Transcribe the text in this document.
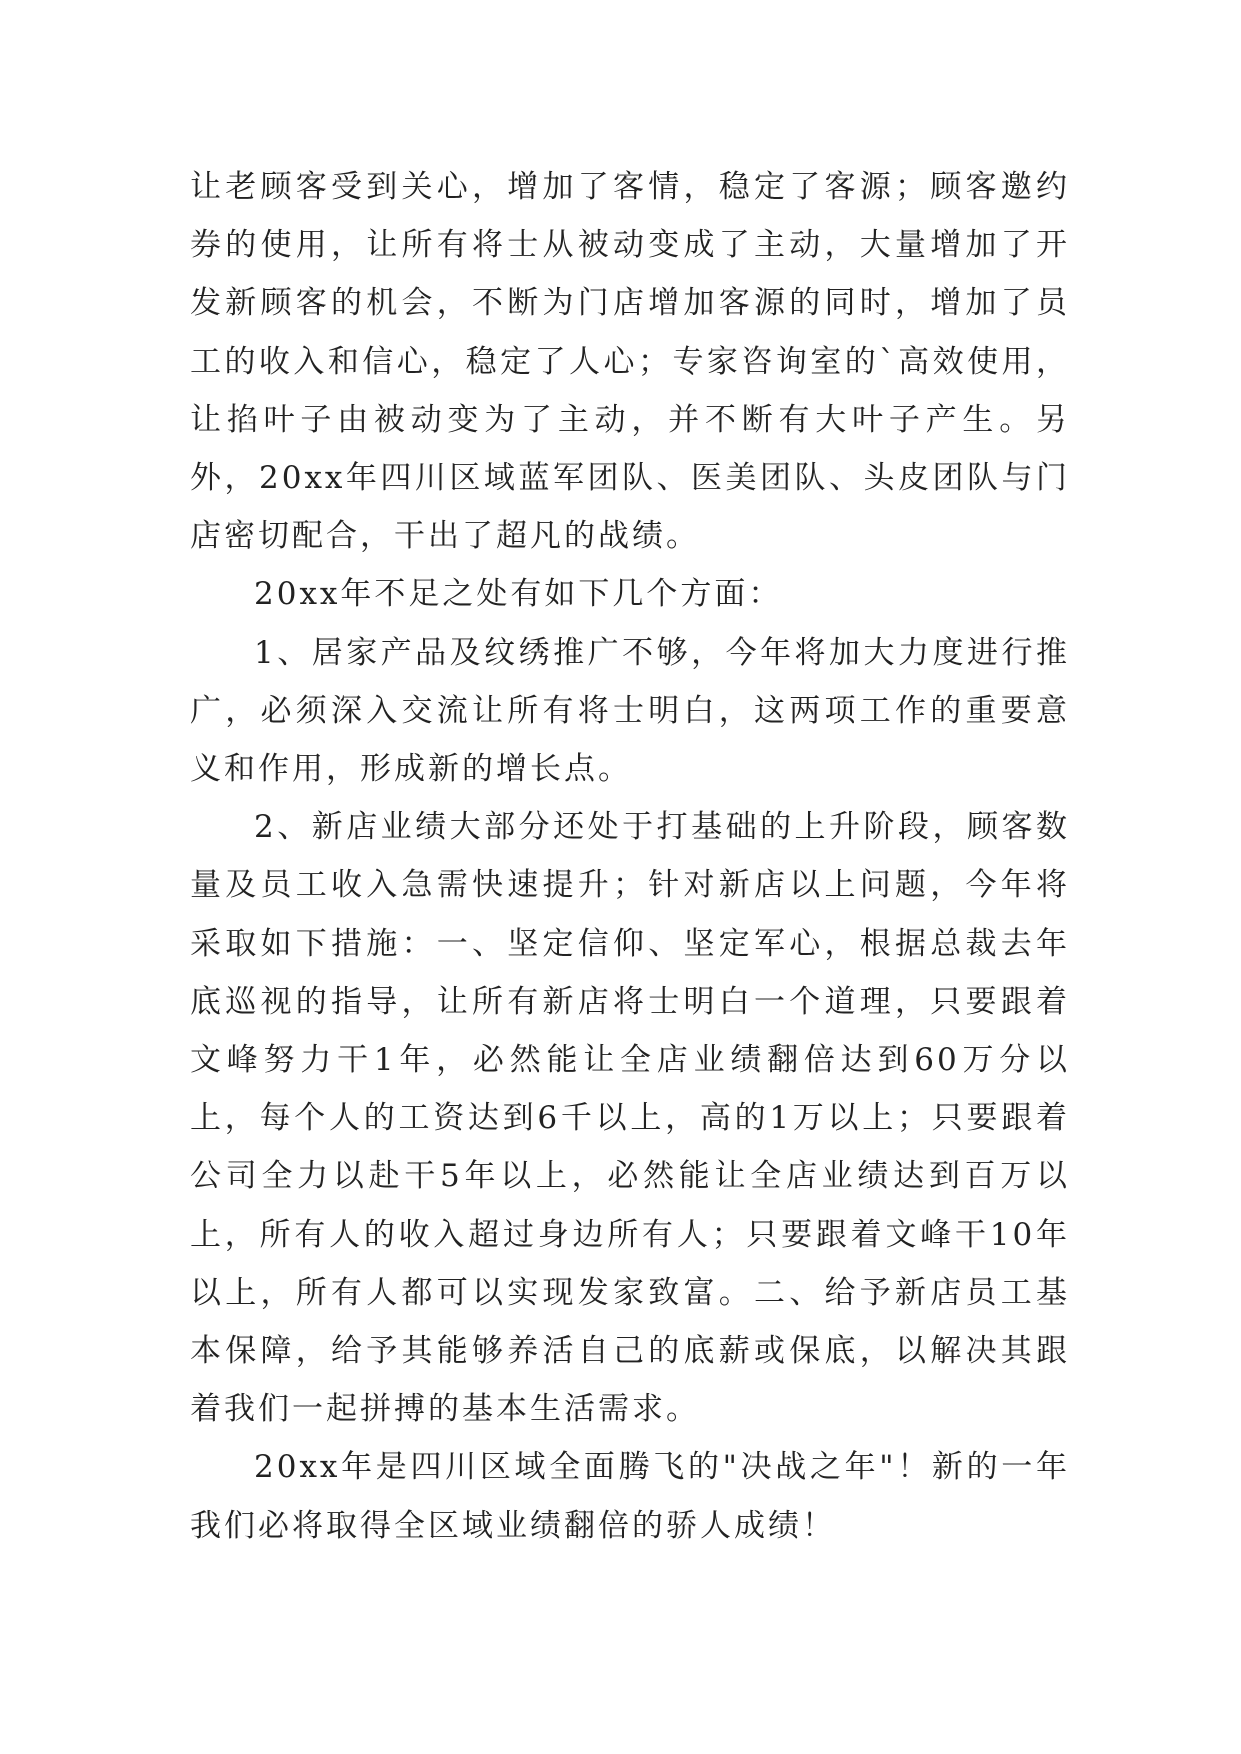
让老顾客受到关心，增加了客情，稳定了客源；顾客邀约券的使用，让所有将士从被动变成了主动，大量增加了开发新顾客的机会，不断为门店增加客源的同时，增加了员工的收入和信心，稳定了人心；专家咨询室的`高效使用，让掐叶子由被动变为了主动，并不断有大叶子产生。另外，20xx年四川区域蓝军团队、医美团队、头皮团队与门店密切配合，干出了超凡的战绩。

20xx年不足之处有如下几个方面：

1、居家产品及纹绣推广不够，今年将加大力度进行推广，必须深入交流让所有将士明白，这两项工作的重要意义和作用，形成新的增长点。

2、新店业绩大部分还处于打基础的上升阶段，顾客数量及员工收入急需快速提升；针对新店以上问题，今年将采取如下措施：一、坚定信仰、坚定军心，根据总裁去年底巡视的指导，让所有新店将士明白一个道理，只要跟着文峰努力干1年，必然能让全店业绩翻倍达到60万分以上，每个人的工资达到6千以上，高的1万以上；只要跟着公司全力以赴干5年以上，必然能让全店业绩达到百万以上，所有人的收入超过身边所有人；只要跟着文峰干10年以上，所有人都可以实现发家致富。二、给予新店员工基本保障，给予其能够养活自己的底薪或保底，以解决其跟着我们一起拼搏的基本生活需求。

20xx年是四川区域全面腾飞的"决战之年"！新的一年我们必将取得全区域业绩翻倍的骄人成绩！
